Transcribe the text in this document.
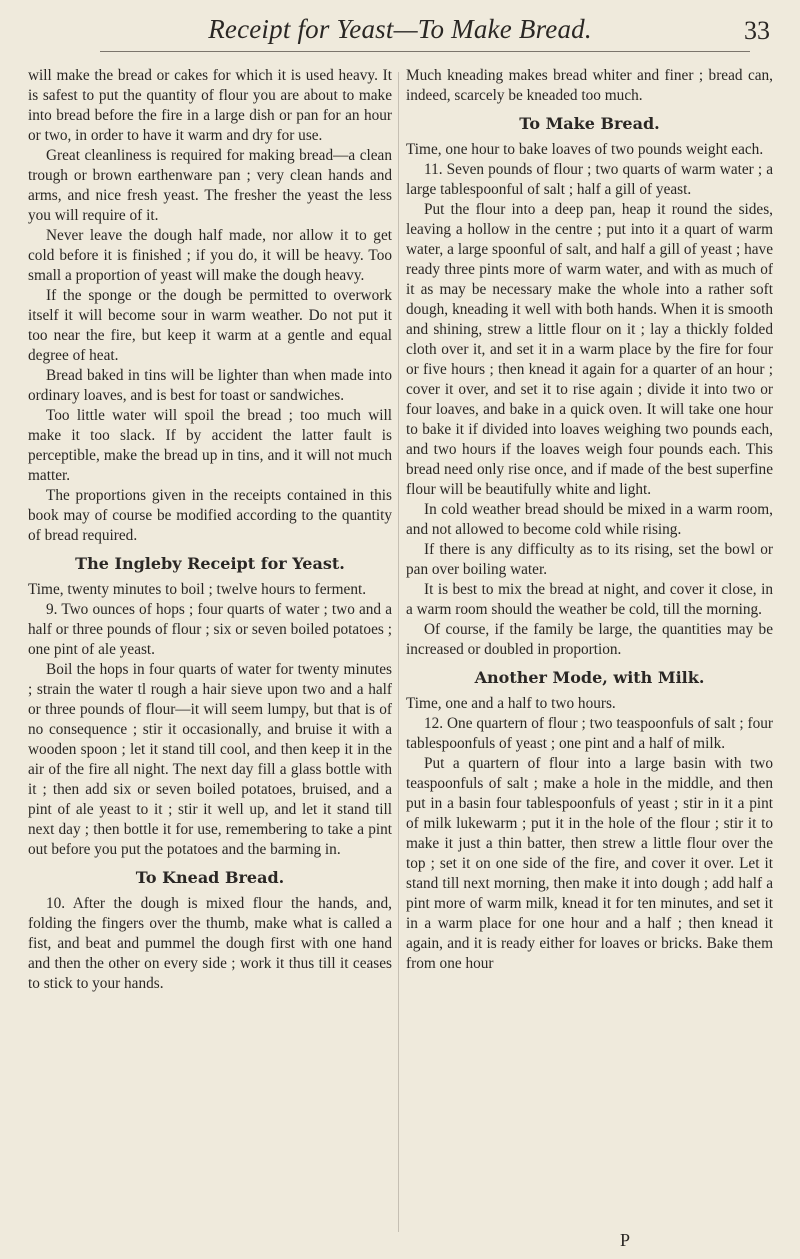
Receipt for Yeast—To Make Bread.	33

will make the bread or cakes for which it is used heavy. It is safest to put the quantity of flour you are about to make into bread before the fire in a large dish or pan for an hour or two, in order to have it warm and dry for use.

Great cleanliness is required for making bread—a clean trough or brown earthenware pan ; very clean hands and arms, and nice fresh yeast. The fresher the yeast the less you will require of it.

Never leave the dough half made, nor allow it to get cold before it is finished ; if you do, it will be heavy. Too small a proportion of yeast will make the dough heavy.

If the sponge or the dough be permitted to overwork itself it will become sour in warm weather. Do not put it too near the fire, but keep it warm at a gentle and equal degree of heat.

Bread baked in tins will be lighter than when made into ordinary loaves, and is best for toast or sandwiches.

Too little water will spoil the bread ; too much will make it too slack. If by accident the latter fault is perceptible, make the bread up in tins, and it will not much matter.

The proportions given in the receipts contained in this book may of course be modified according to the quantity of bread required.

The Ingleby Receipt for Yeast.

Time, twenty minutes to boil ; twelve hours to ferment.

9. Two ounces of hops ; four quarts of water ; two and a half or three pounds of flour ; six or seven boiled potatoes ; one pint of ale yeast.

Boil the hops in four quarts of water for twenty minutes ; strain the water tl rough a hair sieve upon two and a half or three pounds of flour—it will seem lumpy, but that is of no consequence ; stir it occasionally, and bruise it with a wooden spoon ; let it stand till cool, and then keep it in the air of the fire all night. The next day fill a glass bottle with it ; then add six or seven boiled potatoes, bruised, and a pint of ale yeast to it ; stir it well up, and let it stand till next day ; then bottle it for use, remembering to take a pint out before you put the potatoes and the barming in.

To Knead Bread.

10. After the dough is mixed flour the hands, and, folding the fingers over the thumb, make what is called a fist, and beat and pummel the dough first with one hand and then the other on every side ; work it thus till it ceases to stick to your hands.

Much kneading makes bread whiter and finer ; bread can, indeed, scarcely be kneaded too much.

To Make Bread.

Time, one hour to bake loaves of two pounds weight each.

11. Seven pounds of flour ; two quarts of warm water ; a large tablespoonful of salt ; half a gill of yeast.

Put the flour into a deep pan, heap it round the sides, leaving a hollow in the centre ; put into it a quart of warm water, a large spoonful of salt, and half a gill of yeast ; have ready three pints more of warm water, and with as much of it as may be necessary make the whole into a rather soft dough, kneading it well with both hands. When it is smooth and shining, strew a little flour on it ; lay a thickly folded cloth over it, and set it in a warm place by the fire for four or five hours ; then knead it again for a quarter of an hour ; cover it over, and set it to rise again ; divide it into two or four loaves, and bake in a quick oven. It will take one hour to bake it if divided into loaves weighing two pounds each, and two hours if the loaves weigh four pounds each. This bread need only rise once, and if made of the best superfine flour will be beautifully white and light.

In cold weather bread should be mixed in a warm room, and not allowed to become cold while rising.

If there is any difficulty as to its rising, set the bowl or pan over boiling water.

It is best to mix the bread at night, and cover it close, in a warm room should the weather be cold, till the morning.

Of course, if the family be large, the quantities may be increased or doubled in proportion.

Another Mode, with Milk.

Time, one and a half to two hours.

12. One quartern of flour ; two teaspoonfuls of salt ; four tablespoonfuls of yeast ; one pint and a half of milk.

Put a quartern of flour into a large basin with two teaspoonfuls of salt ; make a hole in the middle, and then put in a basin four tablespoonfuls of yeast ; stir in it a pint of milk lukewarm ; put it in the hole of the flour ; stir it to make it just a thin batter, then strew a little flour over the top ; set it on one side of the fire, and cover it over. Let it stand till next morning, then make it into dough ; add half a pint more of warm milk, knead it for ten minutes, and set it in a warm place for one hour and a half ; then knead it again, and it is ready either for loaves or bricks. Bake them from one hour

P
